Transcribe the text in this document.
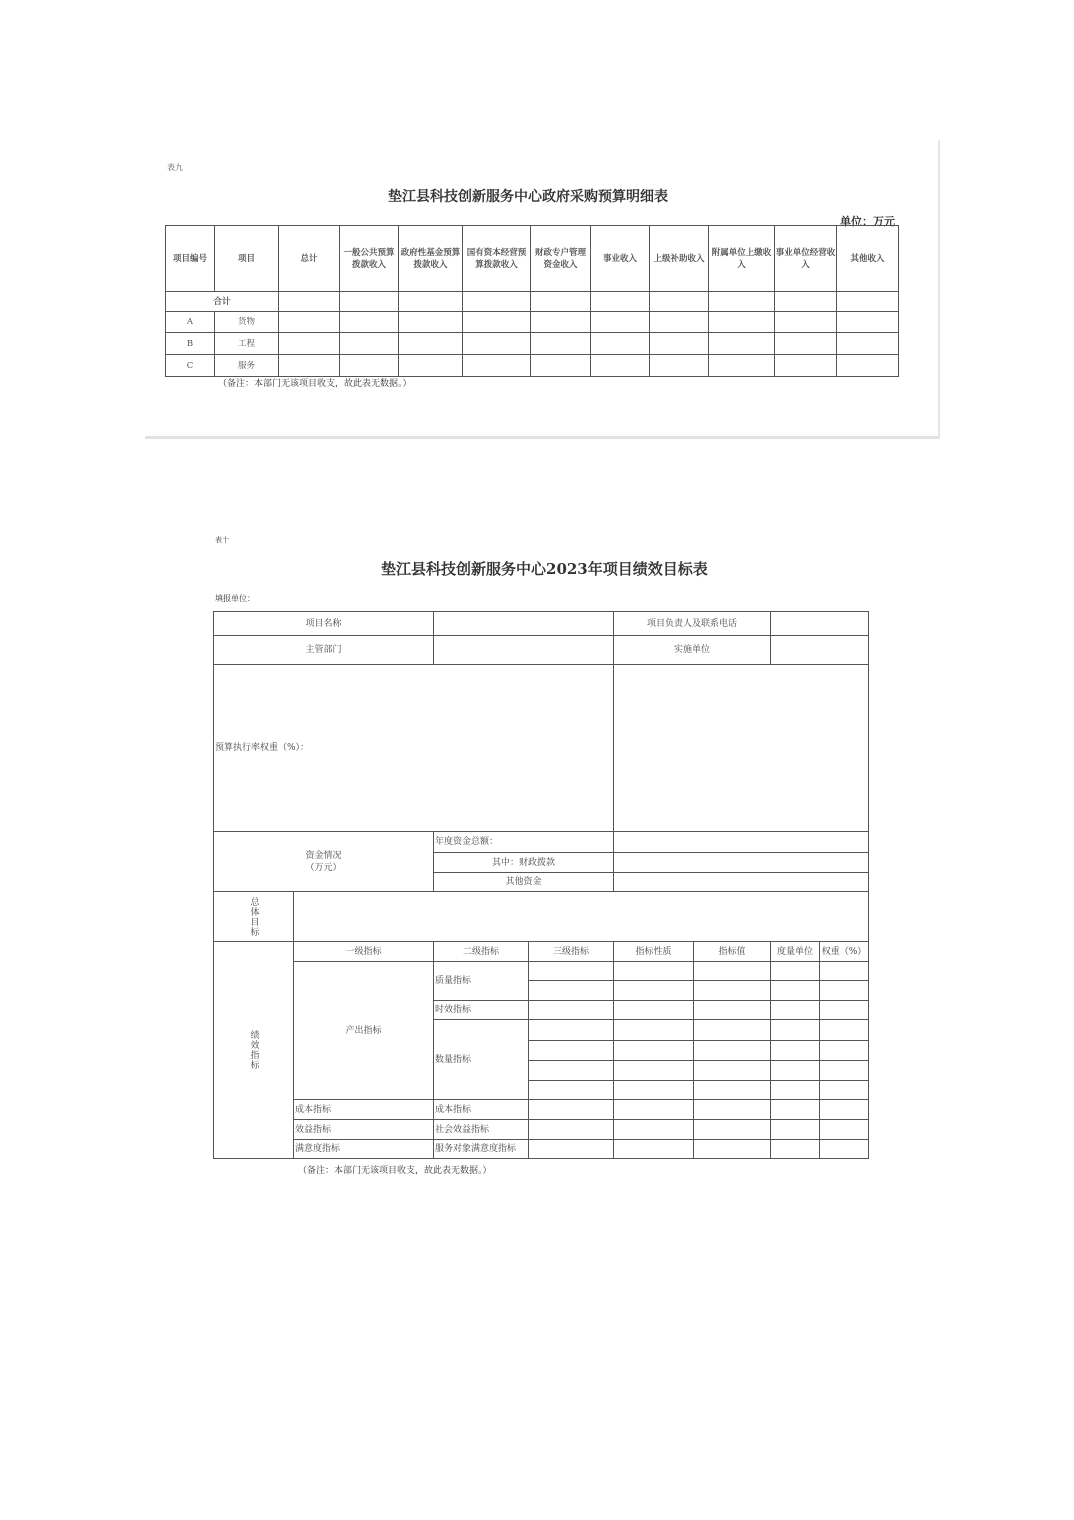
表九
垫江县科技创新服务中心政府采购预算明细表
单位：万元
项目编号	项目	总计	一般公共预算拨款收入	政府性基金预算拨款收入	国有资本经营预算拨款收入	财政专户管理资金收入	事业收入	上级补助收入	附属单位上缴收入	事业单位经营收入	其他收入
合计											
A	货物										
B	工程										
C	服务										
（备注：本部门无该项目收支，故此表无数据。）
表十
垫江县科技创新服务中心2023年项目绩效目标表
填报单位：
项目名称				项目负责人及联系电话			
主管部门				实施单位			
预算执行率权重（%）：							
资金情况
（万元）		年度资金总额：					
		其中：财政拨款					
		其他资金					
总体目标							
绩效指标	一级指标	二级指标	三级指标	指标性质	指标值	度量单位	权重（%）
	产出指标	质量指标					

		时效指标					
		数量指标					

	成本指标	成本指标					
	效益指标	社会效益指标					
	满意度指标	服务对象满意度指标					
（备注：本部门无该项目收支，故此表无数据。）
